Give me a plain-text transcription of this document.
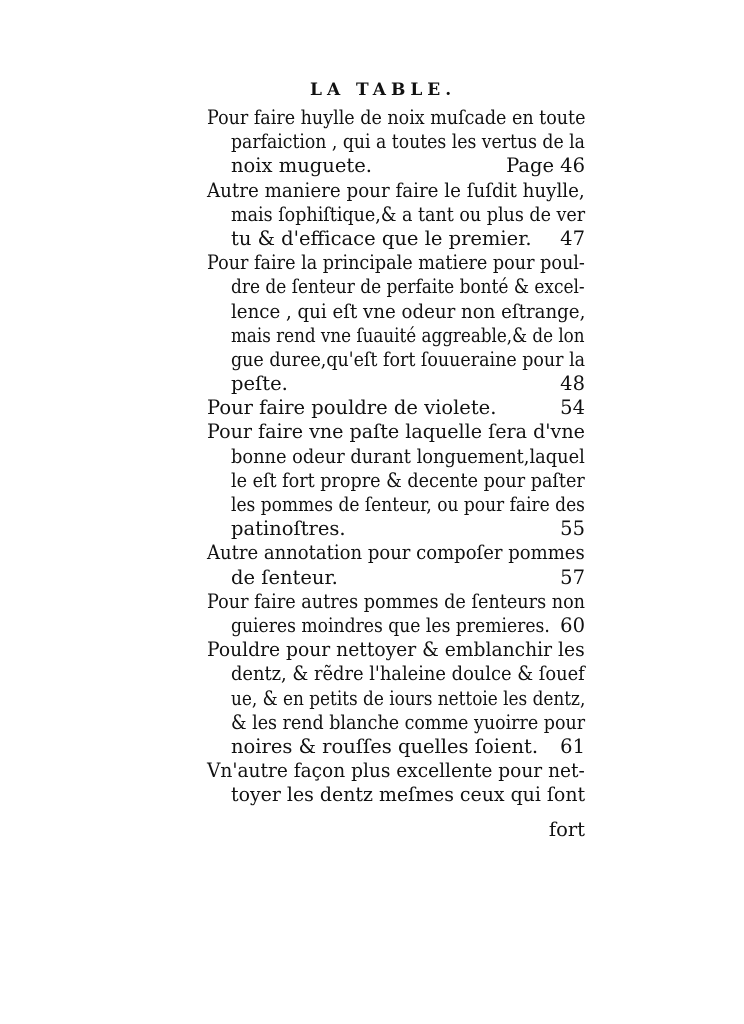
LA TABLE.
Pour faire huylle de noix muſcade en toute
parfaiction , qui a toutes les vertus de la
noix muguete.	Page 46
Autre maniere pour faire le ſuſdit huylle,
mais ſophiſtique,& a tant ou plus de ver
tu & d'efficace que le premier. 47
Pour faire la principale matiere pour poul-
dre de ſenteur de perfaite bonté & excel-
lence , qui eſt vne odeur non eſtrange,
mais rend vne ſuauité aggreable,& de lon
gue duree,qu'eſt fort ſouueraine pour la
peſte.	48
Pour faire pouldre de violete.	54
Pour faire vne paſte laquelle ſera d'vne
bonne odeur durant longuement,laquel
le eſt fort propre & decente pour paſter
les pommes de ſenteur, ou pour faire des
patinoſtres.	55
Autre annotation pour compoſer pommes
de ſenteur.	57
Pour faire autres pommes de ſenteurs non
guieres moindres que les premieres. 60
Pouldre pour nettoyer & emblanchir les
dentz, & rẽdre l'haleine doulce & ſouef
ue, & en petits de iours nettoie les dentz,
& les rend blanche comme yuoirre pour
noires & rouſſes quelles ſoient. 61
Vn'autre façon plus excellente pour net-
toyer les dentz meſmes ceux qui ſont
fort
